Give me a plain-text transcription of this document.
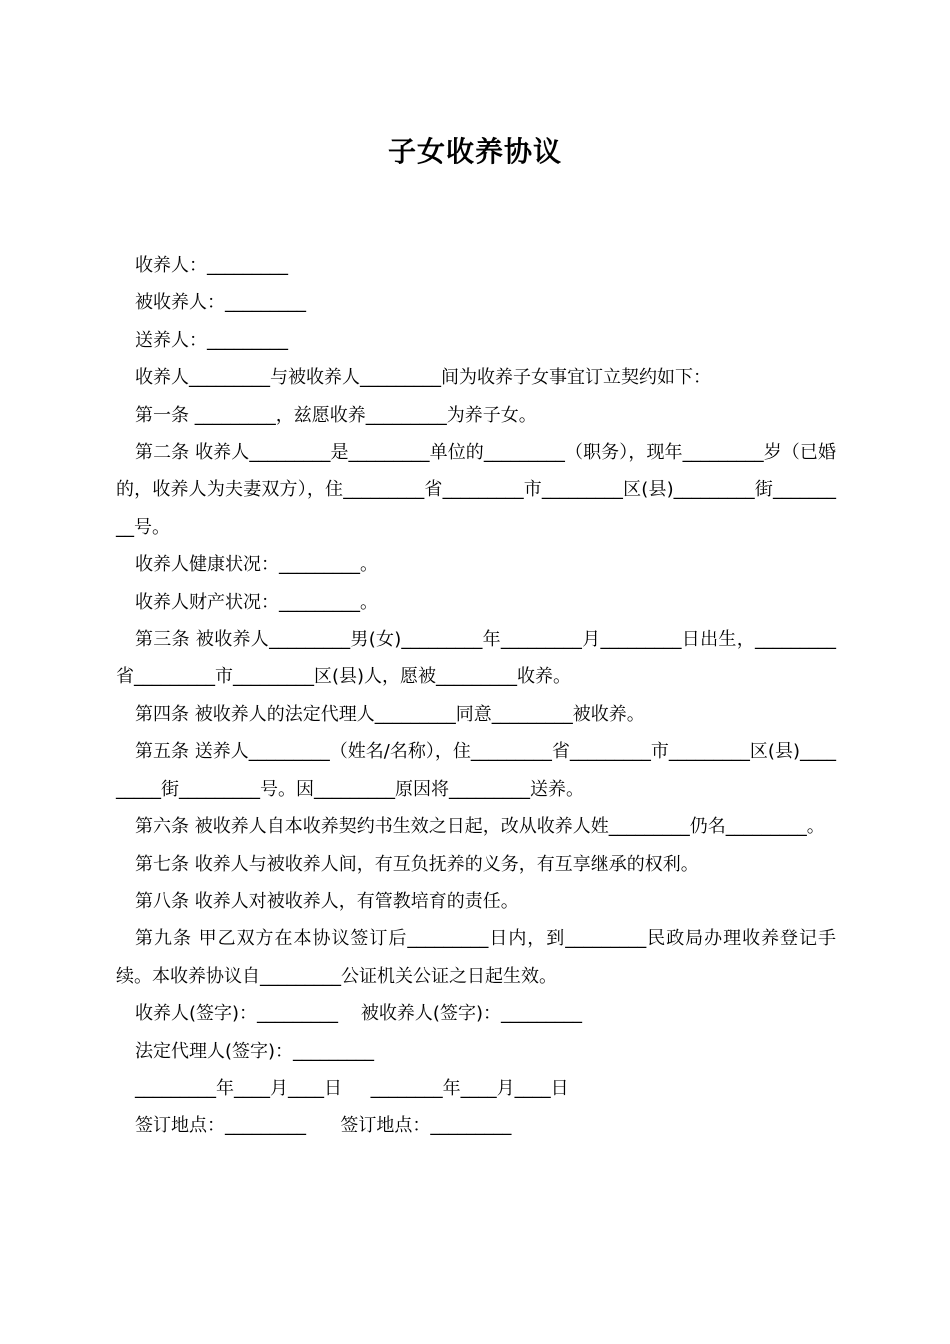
子女收养协议
收养人：_________
被收养人：_________
送养人：_________
收养人_________与被收养人_________间为收养子女事宜订立契约如下：
第一条 _________，兹愿收养_________为养子女。
第二条 收养人_________是_________单位的_________（职务），现年_________岁（已婚的，收养人为夫妻双方），住_________省_________市_________区(县)_________街_________号。
收养人健康状况：_________。
收养人财产状况：_________。
第三条 被收养人_________男(女)_________年_________月_________日出生，_________省_________市_________区(县)人，愿被_________收养。
第四条 被收养人的法定代理人_________同意_________被收养。
第五条 送养人_________（姓名/名称），住_________省_________市_________区(县)_________街_________号。因_________原因将_________送养。
第六条 被收养人自本收养契约书生效之日起，改从收养人姓_________仍名_________。
第七条 收养人与被收养人间，有互负抚养的义务，有互享继承的权利。
第八条 收养人对被收养人，有管教培育的责任。
第九条 甲乙双方在本协议签订后_________日内，到_________民政局办理收养登记手续。本收养协议自_________公证机关公证之日起生效。
收养人(签字)：_________    被收养人(签字)：_________
法定代理人(签字)：_________
_________年____月____日     ________年____月____日
签订地点：_________      签订地点：_________
